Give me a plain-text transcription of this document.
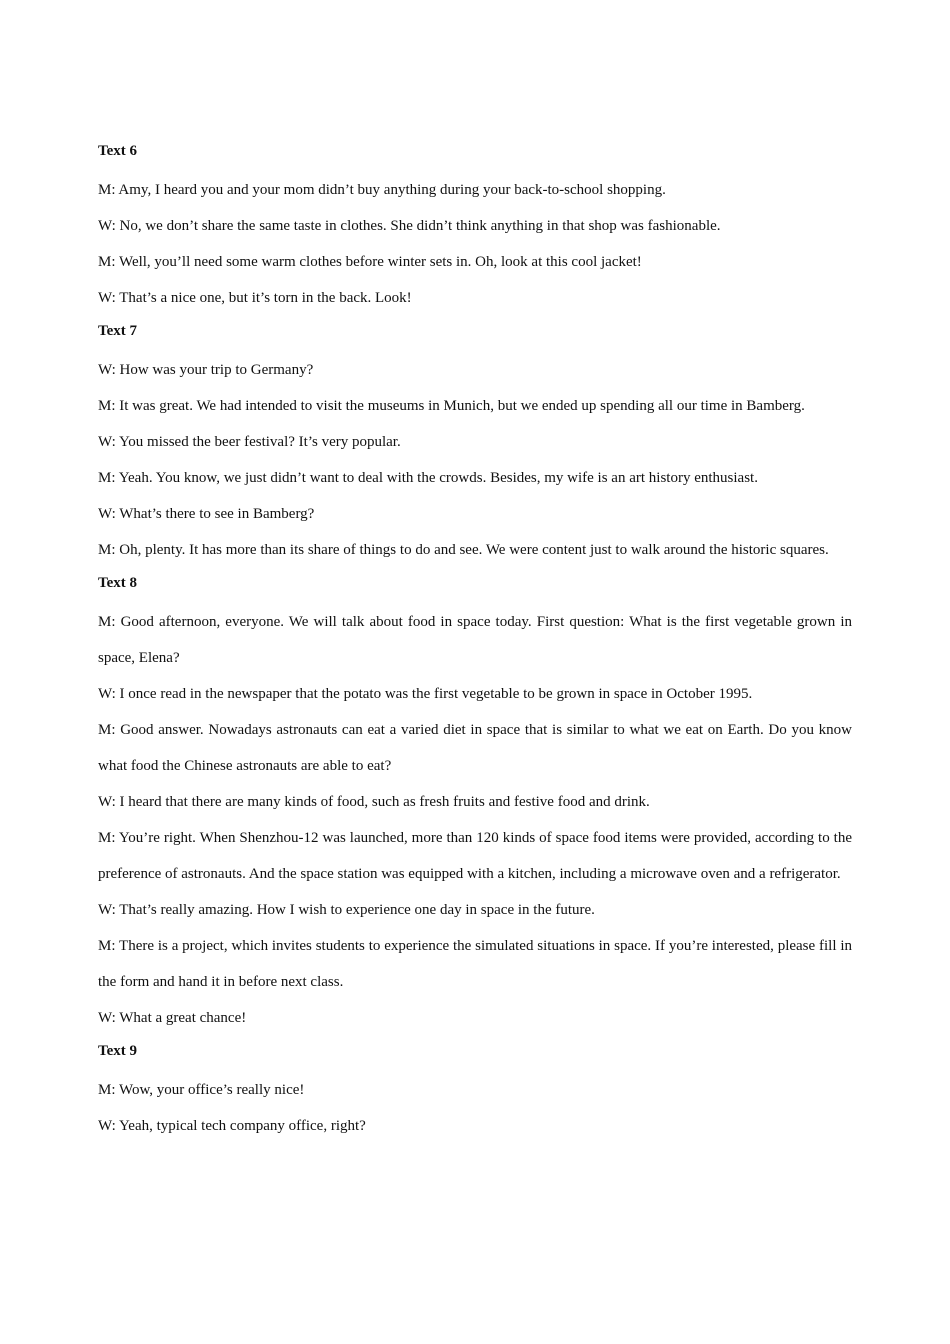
Text 6

M: Amy, I heard you and your mom didn’t buy anything during your back-to-school shopping.

W: No, we don’t share the same taste in clothes. She didn’t think anything in that shop was fashionable.

M: Well, you’ll need some warm clothes before winter sets in. Oh, look at this cool jacket!

W: That’s a nice one, but it’s torn in the back. Look!

Text 7

W: How was your trip to Germany?

M: It was great. We had intended to visit the museums in Munich, but we ended up spending all our time in Bamberg.

W: You missed the beer festival? It’s very popular.

M: Yeah. You know, we just didn’t want to deal with the crowds. Besides, my wife is an art history enthusiast.

W: What’s there to see in Bamberg?

M: Oh, plenty. It has more than its share of things to do and see. We were content just to walk around the historic squares.

Text 8

M: Good afternoon, everyone. We will talk about food in space today. First question: What is the first vegetable grown in space, Elena?

W: I once read in the newspaper that the potato was the first vegetable to be grown in space in October 1995.

M: Good answer. Nowadays astronauts can eat a varied diet in space that is similar to what we eat on Earth. Do you know what food the Chinese astronauts are able to eat?

W: I heard that there are many kinds of food, such as fresh fruits and festive food and drink.

M: You’re right. When Shenzhou-12 was launched, more than 120 kinds of space food items were provided, according to the preference of astronauts. And the space station was equipped with a kitchen, including a microwave oven and a refrigerator.

W: That’s really amazing. How I wish to experience one day in space in the future.

M: There is a project, which invites students to experience the simulated situations in space. If you’re interested, please fill in the form and hand it in before next class.

W: What a great chance!

Text 9

M: Wow, your office’s really nice!

W: Yeah, typical tech company office, right?
